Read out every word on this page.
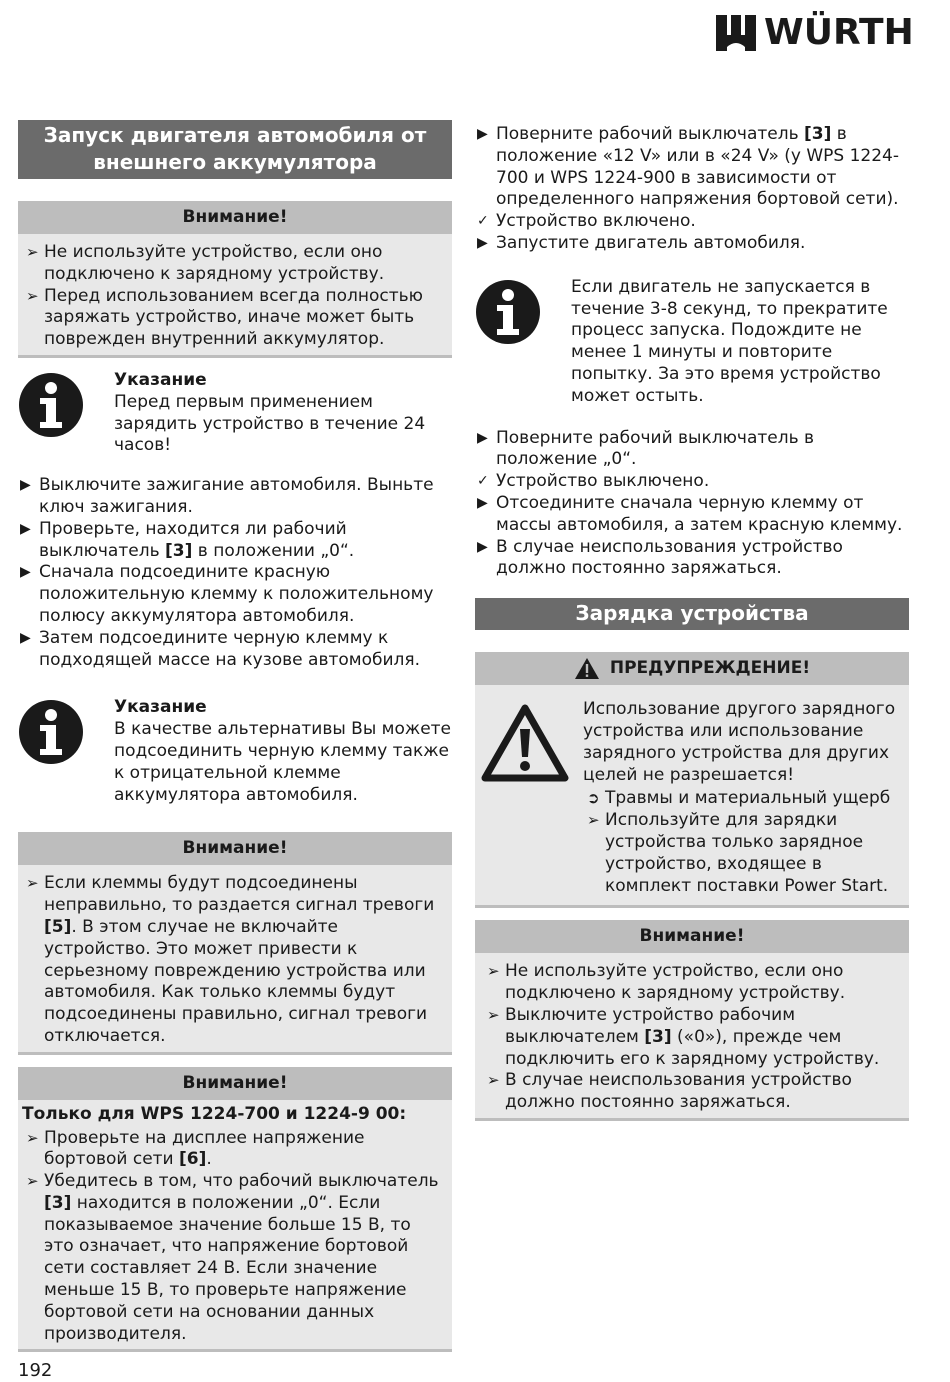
WÜRTH
Запуск двигателя автомобиля от внешнего аккумулятора
Внимание!
➢ Не используйте устройство, если оно подключено к зарядному устройству.
➢ Перед использованием всегда полностью заряжать устройство, иначе может быть поврежден внутренний аккумулятор.
Указание
Перед первым применением зарядить устройство в течение 24 часов!
▶ Выключите зажигание автомобиля. Выньте ключ зажигания.
▶ Проверьте, находится ли рабочий выключатель [3] в положении „0“.
▶ Сначала подсоедините красную положительную клемму к положительному полюсу аккумулятора автомобиля.
▶ Затем подсоедините черную клемму к подходящей массе на кузове автомобиля.
Указание
В качестве альтернативы Вы можете подсоединить черную клемму также к отрицательной клемме аккумулятора автомобиля.
Внимание!
➢ Если клеммы будут подсоединены неправильно, то раздается сигнал тревоги [5]. В этом случае не включайте устройство. Это может привести к серьезному повреждению устройства или автомобиля. Как только клеммы будут подсоединены правильно, сигнал тревоги отключается.
Внимание!
Только для WPS 1224-700 и 1224-9 00:
➢ Проверьте на дисплее напряжение бортовой сети [6].
➢ Убедитесь в том, что рабочий выключатель [3] находится в положении „0“. Если показываемое значение больше 15 В, то это означает, что напряжение бортовой сети составляет 24 В. Если значение меньше 15 В, то проверьте напряжение бортовой сети на основании данных производителя.
▶ Поверните рабочий выключатель [3] в положение «12 V» или в «24 V» (у WPS 1224-700 и WPS 1224-900 в зависимости от определенного напряжения бортовой сети).
✓ Устройство включено.
▶ Запустите двигатель автомобиля.
Если двигатель не запускается в течение 3-8 секунд, то прекратите процесс запуска. Подождите не менее 1 минуты и повторите попытку. За это время устройство может остыть.
▶ Поверните рабочий выключатель в положение „0“.
✓ Устройство выключено.
▶ Отсоедините сначала черную клемму от массы автомобиля, а затем красную клемму.
▶ В случае неиспользования устройство должно постоянно заряжаться.
Зарядка устройства
ПРЕДУПРЕЖДЕНИЕ!
Использование другого зарядного устройства или использование зарядного устройства для других целей не разрешается!
➲ Травмы и материальный ущерб
➢ Используйте для зарядки устройства только зарядное устройство, входящее в комплект поставки Power Start.
Внимание!
➢ Не используйте устройство, если оно подключено к зарядному устройству.
➢ Выключите устройство рабочим выключателем [3] («0»), прежде чем подключить его к зарядному устройству.
➢ В случае неиспользования устройство должно постоянно заряжаться.
192
